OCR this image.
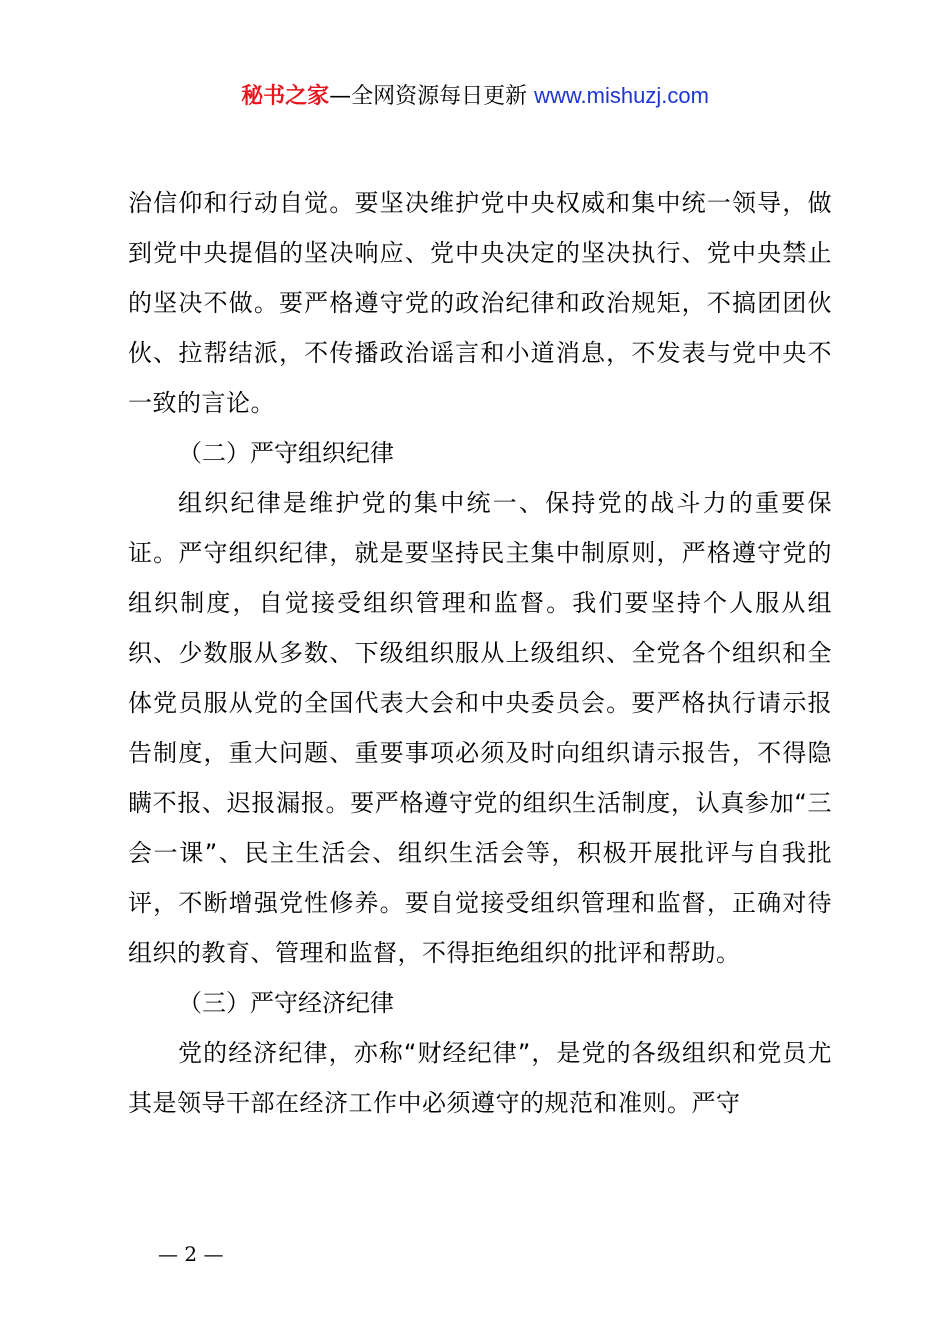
秘书之家—全网资源每日更新 www.mishuzj.com

治信仰和行动自觉。要坚决维护党中央权威和集中统一领导，做到党中央提倡的坚决响应、党中央决定的坚决执行、党中央禁止的坚决不做。要严格遵守党的政治纪律和政治规矩，不搞团团伙伙、拉帮结派，不传播政治谣言和小道消息，不发表与党中央不一致的言论。

（二）严守组织纪律

组织纪律是维护党的集中统一、保持党的战斗力的重要保证。严守组织纪律，就是要坚持民主集中制原则，严格遵守党的组织制度，自觉接受组织管理和监督。我们要坚持个人服从组织、少数服从多数、下级组织服从上级组织、全党各个组织和全体党员服从党的全国代表大会和中央委员会。要严格执行请示报告制度，重大问题、重要事项必须及时向组织请示报告，不得隐瞒不报、迟报漏报。要严格遵守党的组织生活制度，认真参加“三会一课”、民主生活会、组织生活会等，积极开展批评与自我批评，不断增强党性修养。要自觉接受组织管理和监督，正确对待组织的教育、管理和监督，不得拒绝组织的批评和帮助。

（三）严守经济纪律

党的经济纪律，亦称“财经纪律”，是党的各级组织和党员尤其是领导干部在经济工作中必须遵守的规范和准则。严守

— 2 —
